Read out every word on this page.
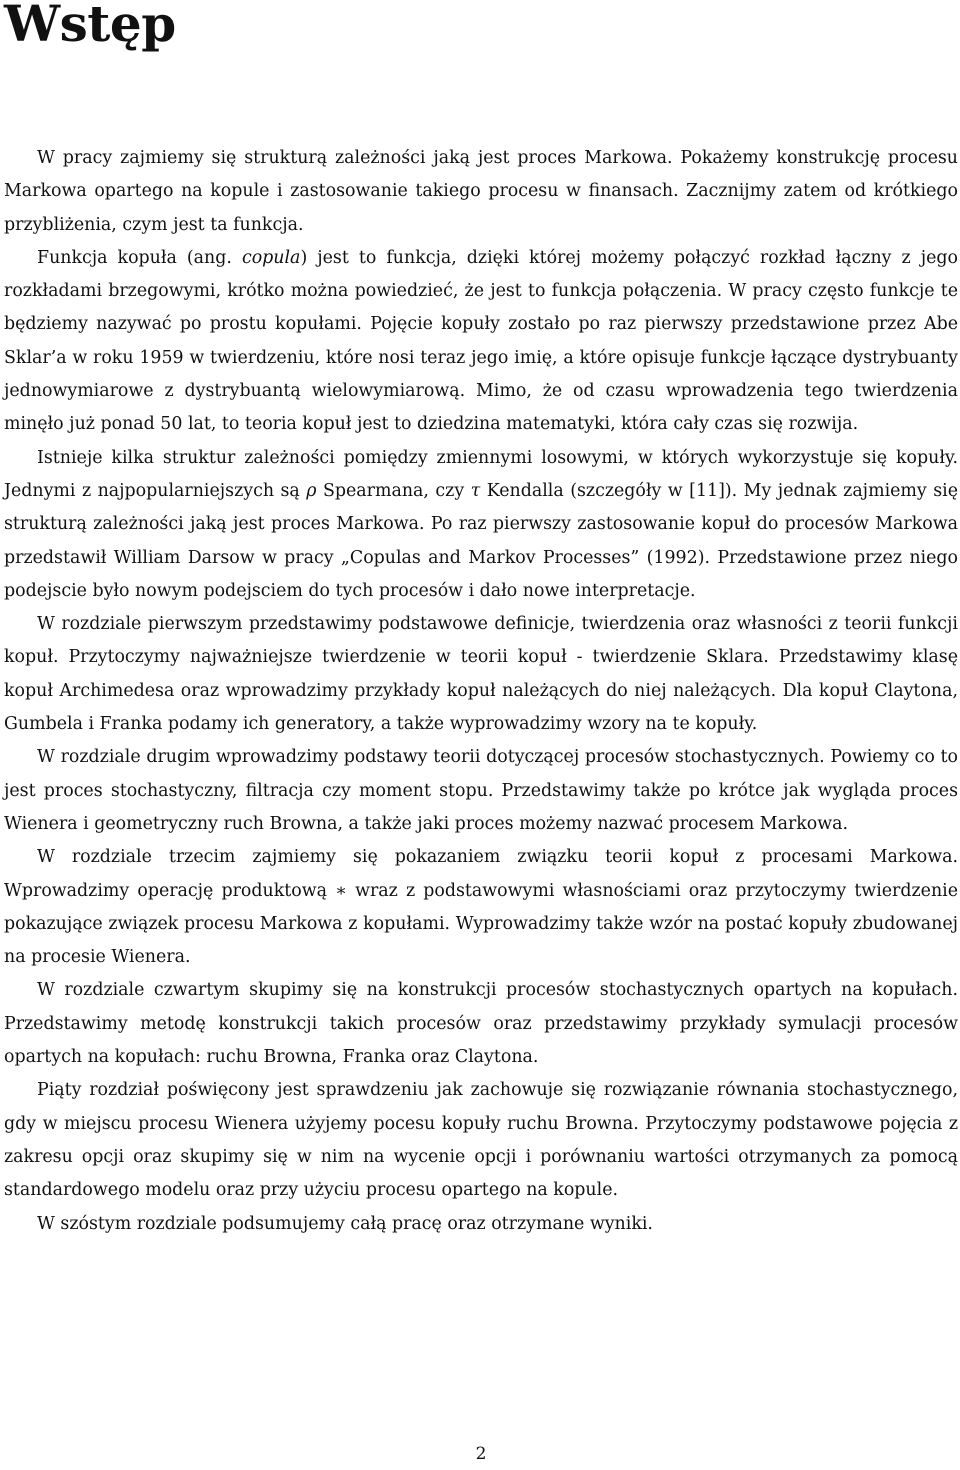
Wstęp

W pracy zajmiemy się strukturą zależności jaką jest proces Markowa. Pokażemy konstrukcję procesu Markowa opartego na kopule i zastosowanie takiego procesu w finansach. Zacznijmy zatem od krótkiego przybliżenia, czym jest ta funkcja.

Funkcja kopuła (ang. copula) jest to funkcja, dzięki której możemy połączyć rozkład łączny z jego rozkładami brzegowymi, krótko można powiedzieć, że jest to funkcja połączenia. W pracy często funkcje te będziemy nazywać po prostu kopułami. Pojęcie kopuły zostało po raz pierwszy przedstawione przez Abe Sklar’a w roku 1959 w twierdzeniu, które nosi teraz jego imię, a które opisuje funkcje łączące dystrybuanty jednowymiarowe z dystrybuantą wielowymiarową. Mimo, że od czasu wprowadzenia tego twierdzenia minęło już ponad 50 lat, to teoria kopuł jest to dziedzina matematyki, która cały czas się rozwija.

Istnieje kilka struktur zależności pomiędzy zmiennymi losowymi, w których wykorzystuje się kopuły. Jednymi z najpopularniejszych są ρ Spearmana, czy τ Kendalla (szczegóły w [11]). My jednak zajmiemy się strukturą zależności jaką jest proces Markowa. Po raz pierwszy zastosowanie kopuł do procesów Markowa przedstawił William Darsow w pracy „Copulas and Markov Processes” (1992). Przedstawione przez niego podejscie było nowym podejsciem do tych procesów i dało nowe interpretacje.

W rozdziale pierwszym przedstawimy podstawowe definicje, twierdzenia oraz własności z teorii funkcji kopuł. Przytoczymy najważniejsze twierdzenie w teorii kopuł - twierdzenie Sklara. Przedstawimy klasę kopuł Archimedesa oraz wprowadzimy przykłady kopuł należących do niej należących. Dla kopuł Claytona, Gumbela i Franka podamy ich generatory, a także wyprowadzimy wzory na te kopuły.

W rozdziale drugim wprowadzimy podstawy teorii dotyczącej procesów stochastycznych. Powiemy co to jest proces stochastyczny, filtracja czy moment stopu. Przedstawimy także po krótce jak wygląda proces Wienera i geometryczny ruch Browna, a także jaki proces możemy nazwać procesem Markowa.

W rozdziale trzecim zajmiemy się pokazaniem związku teorii kopuł z procesami Markowa. Wprowadzimy operację produktową ∗ wraz z podstawowymi własnościami oraz przytoczymy twierdzenie pokazujące związek procesu Markowa z kopułami. Wyprowadzimy także wzór na postać kopuły zbudowanej na procesie Wienera.

W rozdziale czwartym skupimy się na konstrukcji procesów stochastycznych opartych na kopułach. Przedstawimy metodę konstrukcji takich procesów oraz przedstawimy przykłady symulacji procesów opartych na kopułach: ruchu Browna, Franka oraz Claytona.

Piąty rozdział poświęcony jest sprawdzeniu jak zachowuje się rozwiązanie równania stochastycznego, gdy w miejscu procesu Wienera użyjemy pocesu kopuły ruchu Browna. Przytoczymy podstawowe pojęcia z zakresu opcji oraz skupimy się w nim na wycenie opcji i porównaniu wartości otrzymanych za pomocą standardowego modelu oraz przy użyciu procesu opartego na kopule.

W szóstym rozdziale podsumujemy całą pracę oraz otrzymane wyniki.

2
